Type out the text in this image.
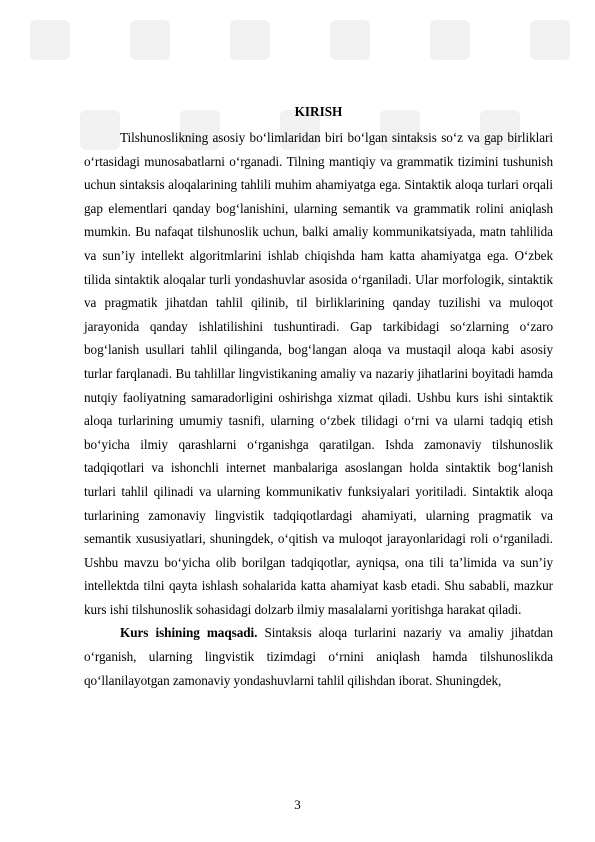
KIRISH

Tilshunoslikning asosiy bo‘limlaridan biri bo‘lgan sintaksis so‘z va gap birliklari o‘rtasidagi munosabatlarni o‘rganadi. Tilning mantiqiy va grammatik tizimini tushunish uchun sintaksis aloqalarining tahlili muhim ahamiyatga ega. Sintaktik aloqa turlari orqali gap elementlari qanday bog‘lanishini, ularning semantik va grammatik rolini aniqlash mumkin. Bu nafaqat tilshunoslik uchun, balki amaliy kommunikatsiyada, matn tahlilida va sun’iy intellekt algoritmlarini ishlab chiqishda ham katta ahamiyatga ega. O‘zbek tilida sintaktik aloqalar turli yondashuvlar asosida o‘rganiladi. Ular morfologik, sintaktik va pragmatik jihatdan tahlil qilinib, til birliklarining qanday tuzilishi va muloqot jarayonida qanday ishlatilishini tushuntiradi. Gap tarkibidagi so‘zlarning o‘zaro bog‘lanish usullari tahlil qilinganda, bog‘langan aloqa va mustaqil aloqa kabi asosiy turlar farqlanadi. Bu tahlillar lingvistikaning amaliy va nazariy jihatlarini boyitadi hamda nutqiy faoliyatning samaradorligini oshirishga xizmat qiladi. Ushbu kurs ishi sintaktik aloqa turlarining umumiy tasnifi, ularning o‘zbek tilidagi o‘rni va ularni tadqiq etish bo‘yicha ilmiy qarashlarni o‘rganishga qaratilgan. Ishda zamonaviy tilshunoslik tadqiqotlari va ishonchli internet manbalariga asoslangan holda sintaktik bog‘lanish turlari tahlil qilinadi va ularning kommunikativ funksiyalari yoritiladi. Sintaktik aloqa turlarining zamonaviy lingvistik tadqiqotlardagi ahamiyati, ularning pragmatik va semantik xususiyatlari, shuningdek, o‘qitish va muloqot jarayonlaridagi roli o‘rganiladi. Ushbu mavzu bo‘yicha olib borilgan tadqiqotlar, ayniqsa, ona tili ta’limida va sun’iy intellektda tilni qayta ishlash sohalarida katta ahamiyat kasb etadi. Shu sababli, mazkur kurs ishi tilshunoslik sohasidagi dolzarb ilmiy masalalarni yoritishga harakat qiladi.

Kurs ishining maqsadi. Sintaksis aloqa turlarini nazariy va amaliy jihatdan o‘rganish, ularning lingvistik tizimdagi o‘rnini aniqlash hamda tilshunoslikda qo‘llanilayotgan zamonaviy yondashuvlarni tahlil qilishdan iborat. Shuningdek,

3
